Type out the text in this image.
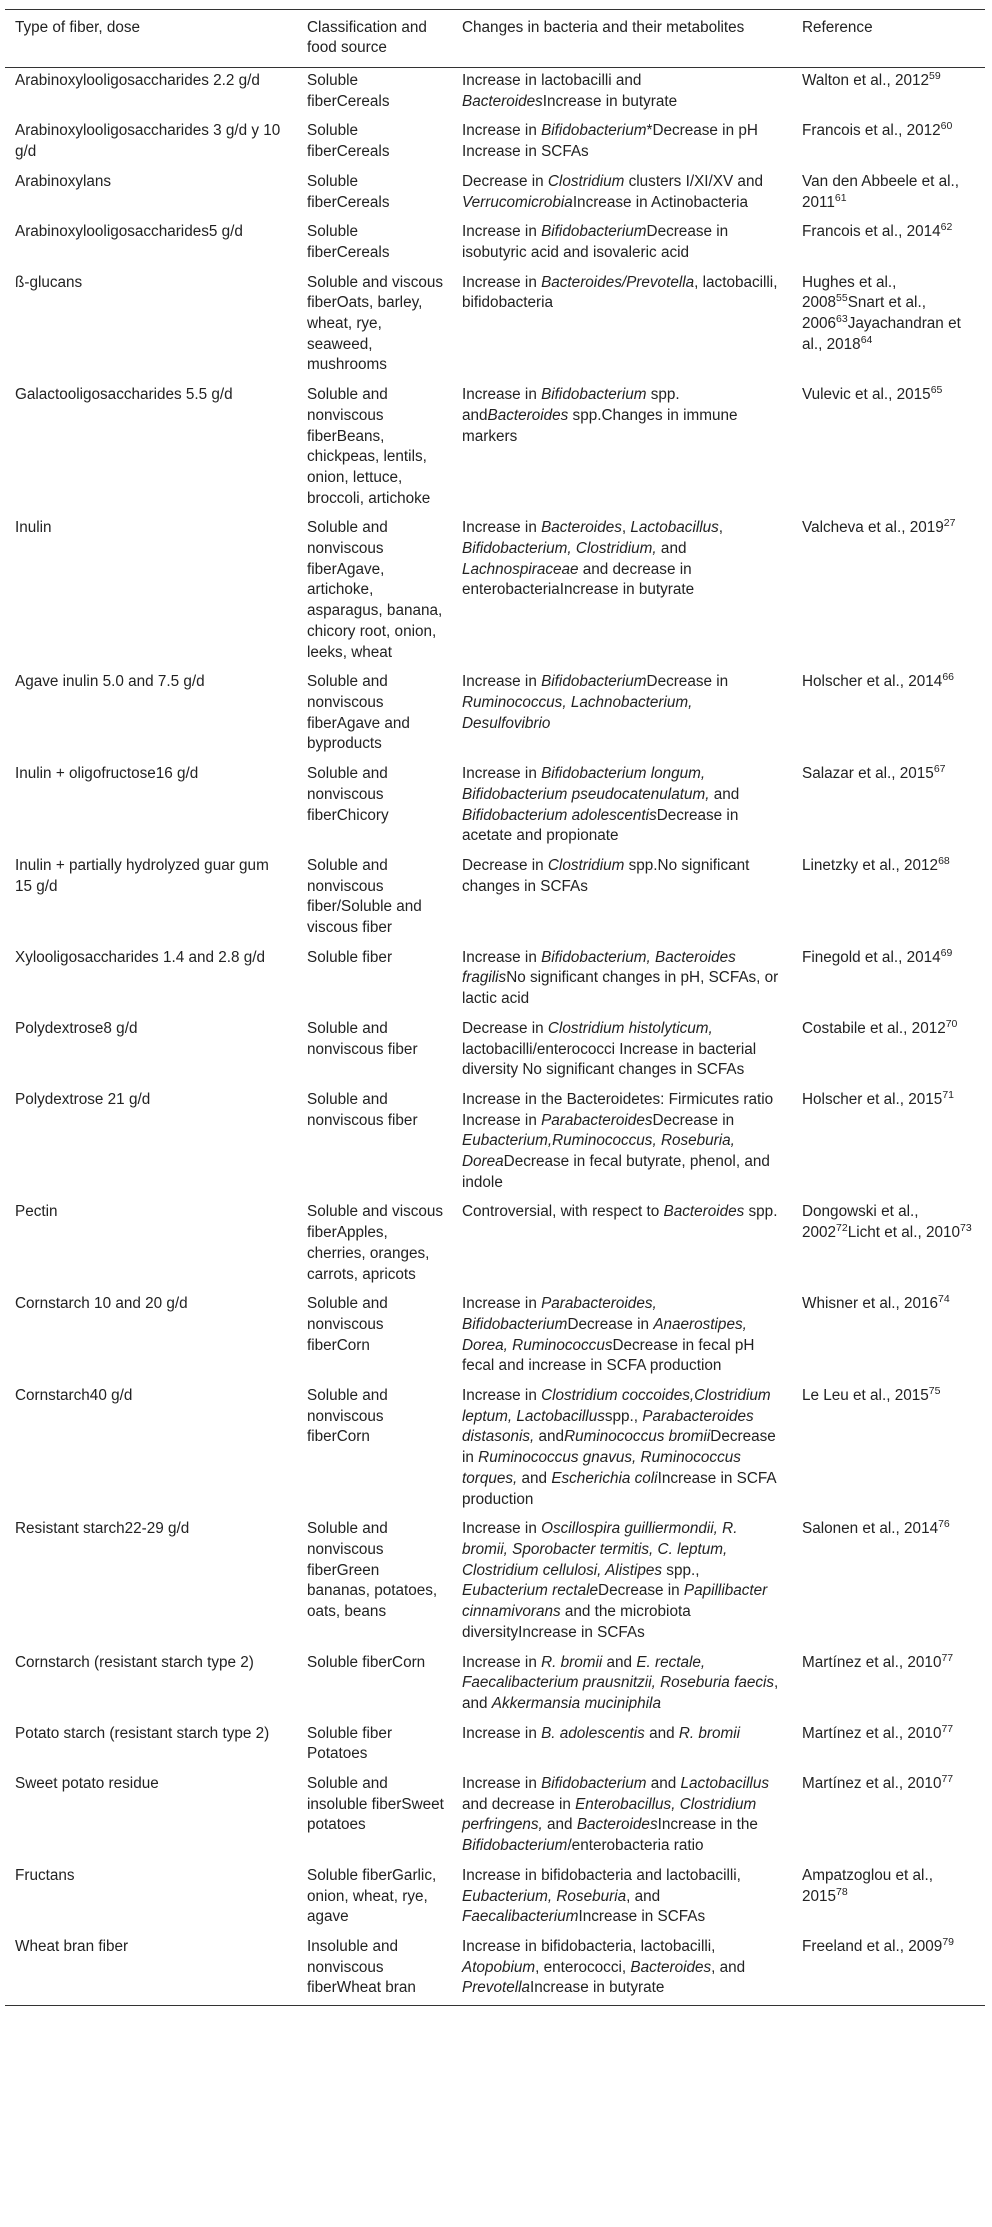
Type of fiber, dose	Classification and food source	Changes in bacteria and their metabolites	Reference
Arabinoxylooligosaccharides 2.2 g/d	Soluble fiberCereals	Increase in lactobacilli and BacteroidesIncrease in butyrate	Walton et al., 2012$^{59}$
Arabinoxylooligosaccharides 3 g/d y 10 g/d	Soluble fiberCereals	Increase in Bifidobacterium*Decrease in pH Increase in SCFAs	Francois et al., 2012$^{60}$
Arabinoxylans	Soluble fiberCereals	Decrease in Clostridium clusters I/XI/XV and VerrucomicrobiaIncrease in Actinobacteria	Van den Abbeele et al., 2011$^{61}$
Arabinoxylooligosaccharides5 g/d	Soluble fiberCereals	Increase in BifidobacteriumDecrease in isobutyric acid and isovaleric acid	Francois et al., 2014$^{62}$
ß-glucans	Soluble and viscous fiberOats, barley, wheat, rye, seaweed, mushrooms	Increase in Bacteroides/Prevotella, lactobacilli, bifidobacteria	Hughes et al., 2008$^{55}$Snart et al., 2006$^{63}$Jayachandran et al., 2018$^{64}$
Galactooligosaccharides 5.5 g/d	Soluble and nonviscous fiberBeans, chickpeas, lentils, onion, lettuce, broccoli, artichoke	Increase in Bifidobacterium spp. andBacteroides spp.Changes in immune markers	Vulevic et al., 2015$^{65}$
Inulin	Soluble and nonviscous fiberAgave, artichoke, asparagus, banana, chicory root, onion, leeks, wheat	Increase in Bacteroides, Lactobacillus, Bifidobacterium, Clostridium, and Lachnospiraceae and decrease in enterobacteriaIncrease in butyrate	Valcheva et al., 2019$^{27}$
Agave inulin 5.0 and 7.5 g/d	Soluble and nonviscous fiberAgave and byproducts	Increase in BifidobacteriumDecrease in Ruminococcus, Lachnobacterium, Desulfovibrio	Holscher et al., 2014$^{66}$
Inulin + oligofructose16 g/d	Soluble and nonviscous fiberChicory	Increase in Bifidobacterium longum, Bifidobacterium pseudocatenulatum, and Bifidobacterium adolescentisDecrease in acetate and propionate	Salazar et al., 2015$^{67}$
Inulin + partially hydrolyzed guar gum 15 g/d	Soluble and nonviscous fiber/Soluble and viscous fiber	Decrease in Clostridium spp.No significant changes in SCFAs	Linetzky et al., 2012$^{68}$
Xylooligosaccharides 1.4 and 2.8 g/d	Soluble fiber	Increase in Bifidobacterium, Bacteroides fragilisNo significant changes in pH, SCFAs, or lactic acid	Finegold et al., 2014$^{69}$
Polydextrose8 g/d	Soluble and nonviscous fiber	Decrease in Clostridium histolyticum, lactobacilli/enterococci Increase in bacterial diversity No significant changes in SCFAs	Costabile et al., 2012$^{70}$
Polydextrose 21 g/d	Soluble and nonviscous fiber	Increase in the Bacteroidetes: Firmicutes ratio Increase in ParabacteroidesDecrease in Eubacterium,Ruminococcus, Roseburia, DoreaDecrease in fecal butyrate, phenol, and indole	Holscher et al., 2015$^{71}$
Pectin	Soluble and viscous fiberApples, cherries, oranges, carrots, apricots	Controversial, with respect to Bacteroides spp.	Dongowski et al., 2002$^{72}$Licht et al., 2010$^{73}$
Cornstarch 10 and 20 g/d	Soluble and nonviscous fiberCorn	Increase in Parabacteroides, BifidobacteriumDecrease in Anaerostipes, Dorea, RuminococcusDecrease in fecal pH fecal and increase in SCFA production	Whisner et al., 2016$^{74}$
Cornstarch40 g/d	Soluble and nonviscous fiberCorn	Increase in Clostridium coccoides,Clostridium leptum, Lactobacillusspp., Parabacteroides distasonis, andRuminococcus bromiiDecrease in Ruminococcus gnavus, Ruminococcus torques, and Escherichia coliIncrease in SCFA production	Le Leu et al., 2015$^{75}$
Resistant starch22-29 g/d	Soluble and nonviscous fiberGreen bananas, potatoes, oats, beans	Increase in Oscillospira guilliermondii, R. bromii, Sporobacter termitis, C. leptum, Clostridium cellulosi, Alistipes spp., Eubacterium rectaleDecrease in Papillibacter cinnamivorans and the microbiota diversityIncrease in SCFAs	Salonen et al., 2014$^{76}$
Cornstarch (resistant starch type 2)	Soluble fiberCorn	Increase in R. bromii and E. rectale, Faecalibacterium prausnitzii, Roseburia faecis, and Akkermansia muciniphila	Martínez et al., 2010$^{77}$
Potato starch (resistant starch type 2)	Soluble fiber Potatoes	Increase in B. adolescentis and R. bromii	Martínez et al., 2010$^{77}$
Sweet potato residue	Soluble and insoluble fiberSweet potatoes	Increase in Bifidobacterium and Lactobacillus and decrease in Enterobacillus, Clostridium perfringens, and BacteroidesIncrease in the Bifidobacterium/enterobacteria ratio	Martínez et al., 2010$^{77}$
Fructans	Soluble fiberGarlic, onion, wheat, rye, agave	Increase in bifidobacteria and lactobacilli, Eubacterium, Roseburia, and FaecalibacteriumIncrease in SCFAs	Ampatzoglou et al., 2015$^{78}$
Wheat bran fiber	Insoluble and nonviscous fiberWheat bran	Increase in bifidobacteria, lactobacilli, Atopobium, enterococci, Bacteroides, and PrevotellaIncrease in butyrate	Freeland et al., 2009$^{79}$
